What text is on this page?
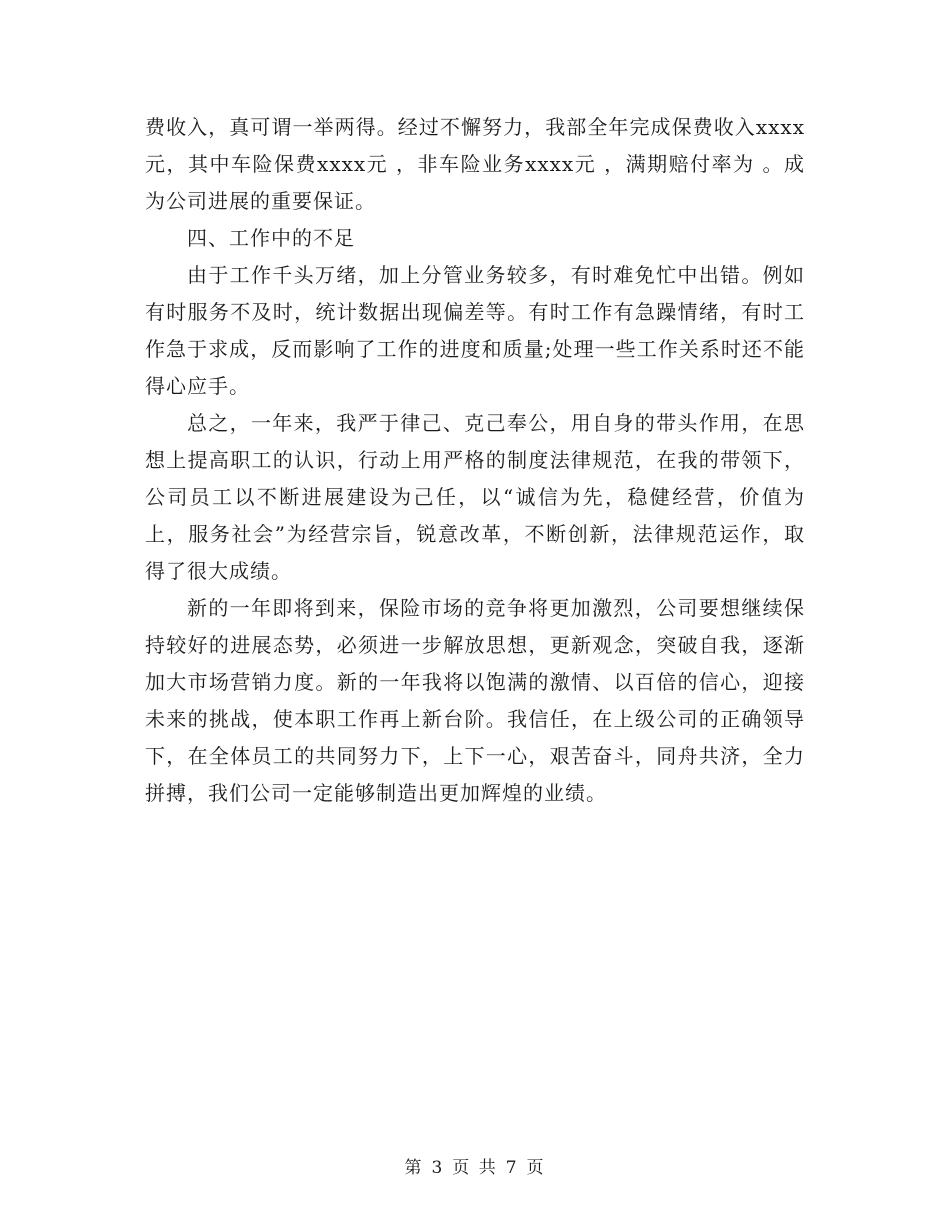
费收入，真可谓一举两得。经过不懈努力，我部全年完成保费收入xxxx元，其中车险保费xxxx元 ，非车险业务xxxx元 ，满期赔付率为 。成为公司进展的重要保证。

四、工作中的不足

由于工作千头万绪，加上分管业务较多，有时难免忙中出错。例如有时服务不及时，统计数据出现偏差等。有时工作有急躁情绪，有时工作急于求成，反而影响了工作的进度和质量;处理一些工作关系时还不能得心应手。

总之，一年来，我严于律己、克己奉公，用自身的带头作用，在思想上提高职工的认识，行动上用严格的制度法律规范，在我的带领下，公司员工以不断进展建设为己任，以“诚信为先，稳健经营，价值为上，服务社会”为经营宗旨，锐意改革，不断创新，法律规范运作，取得了很大成绩。

新的一年即将到来，保险市场的竞争将更加激烈，公司要想继续保持较好的进展态势，必须进一步解放思想，更新观念，突破自我，逐渐加大市场营销力度。新的一年我将以饱满的激情、以百倍的信心，迎接未来的挑战，使本职工作再上新台阶。我信任，在上级公司的正确领导下，在全体员工的共同努力下，上下一心，艰苦奋斗，同舟共济，全力拼搏，我们公司一定能够制造出更加辉煌的业绩。

第 3 页 共 7 页
